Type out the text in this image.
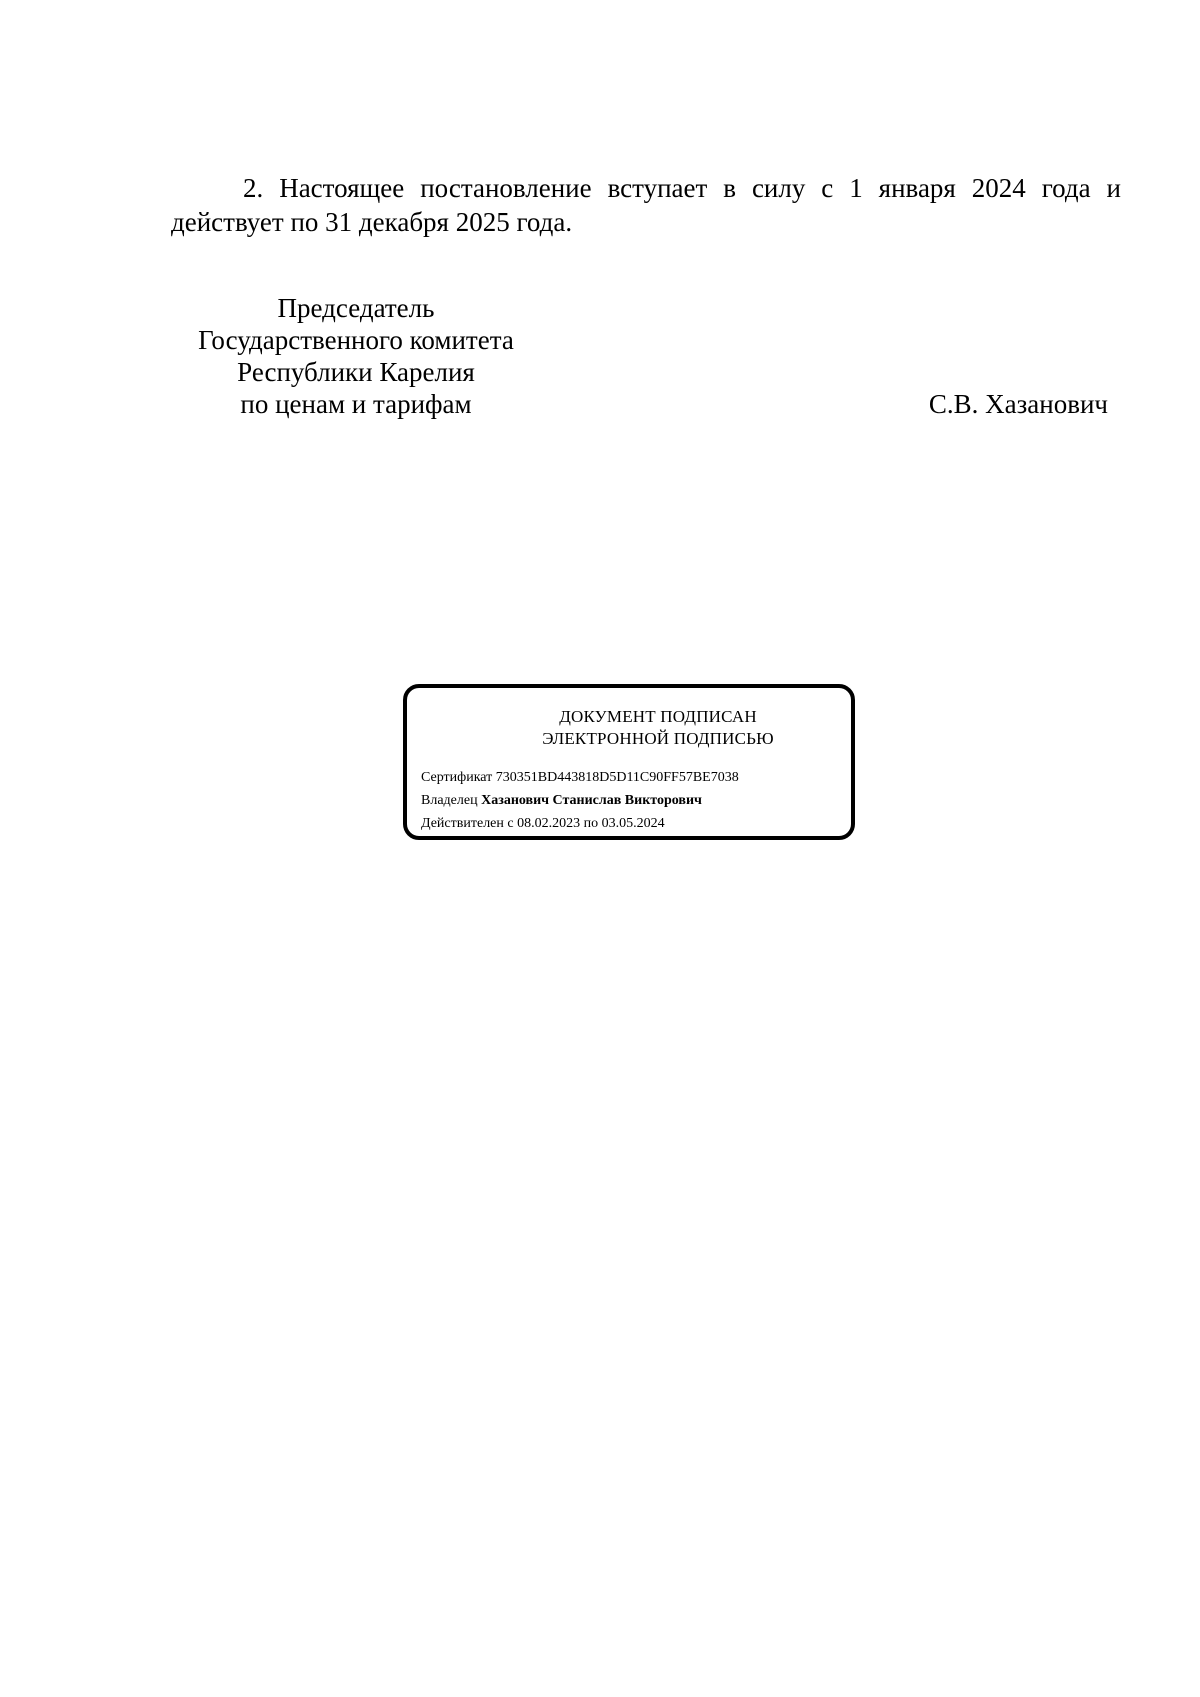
2. Настоящее постановление вступает в силу с 1 января 2024 года и действует по 31 декабря 2025 года.

Председатель
Государственного комитета
Республики Карелия
по ценам и тарифам	С.В. Хазанович
ДОКУМЕНТ ПОДПИСАН
ЭЛЕКТРОННОЙ ПОДПИСЬЮ
Сертификат 730351BD443818D5D11C90FF57BE7038
Владелец Хазанович Станислав Викторович
Действителен с 08.02.2023 по 03.05.2024
